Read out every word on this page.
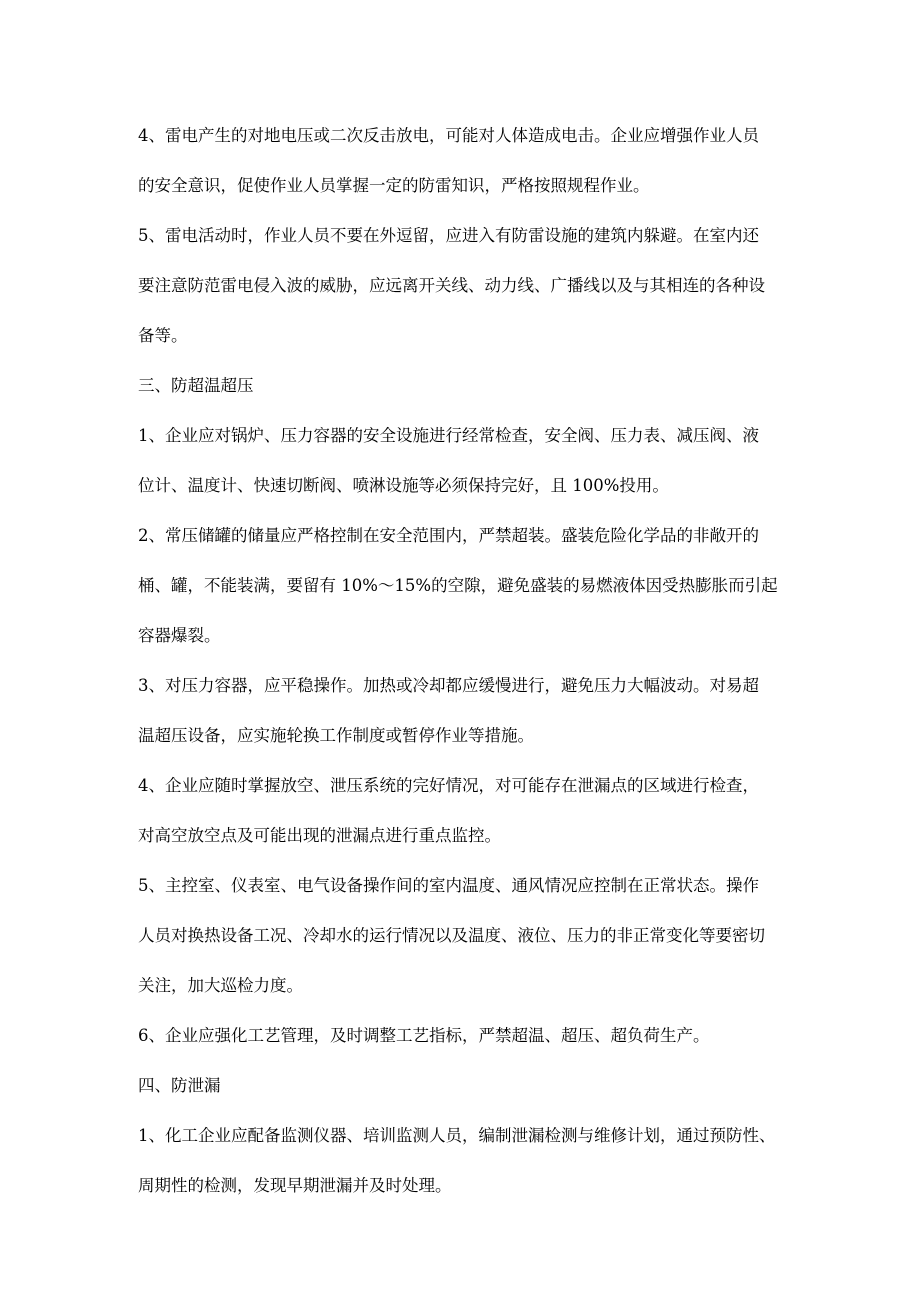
4、雷电产生的对地电压或二次反击放电，可能对人体造成电击。企业应增强作业人员
的安全意识，促使作业人员掌握一定的防雷知识，严格按照规程作业。
5、雷电活动时，作业人员不要在外逗留，应进入有防雷设施的建筑内躲避。在室内还
要注意防范雷电侵入波的威胁，应远离开关线、动力线、广播线以及与其相连的各种设
备等。
三、防超温超压
1、企业应对锅炉、压力容器的安全设施进行经常检查，安全阀、压力表、减压阀、液
位计、温度计、快速切断阀、喷淋设施等必须保持完好，且 100%投用。
2、常压储罐的储量应严格控制在安全范围内，严禁超装。盛装危险化学品的非敞开的
桶、罐，不能装满，要留有 10%～15%的空隙，避免盛装的易燃液体因受热膨胀而引起
容器爆裂。
3、对压力容器，应平稳操作。加热或冷却都应缓慢进行，避免压力大幅波动。对易超
温超压设备，应实施轮换工作制度或暂停作业等措施。
4、企业应随时掌握放空、泄压系统的完好情况，对可能存在泄漏点的区域进行检查，
对高空放空点及可能出现的泄漏点进行重点监控。
5、主控室、仪表室、电气设备操作间的室内温度、通风情况应控制在正常状态。操作
人员对换热设备工况、冷却水的运行情况以及温度、液位、压力的非正常变化等要密切
关注，加大巡检力度。
6、企业应强化工艺管理，及时调整工艺指标，严禁超温、超压、超负荷生产。
四、防泄漏
1、化工企业应配备监测仪器、培训监测人员，编制泄漏检测与维修计划，通过预防性、
周期性的检测，发现早期泄漏并及时处理。
